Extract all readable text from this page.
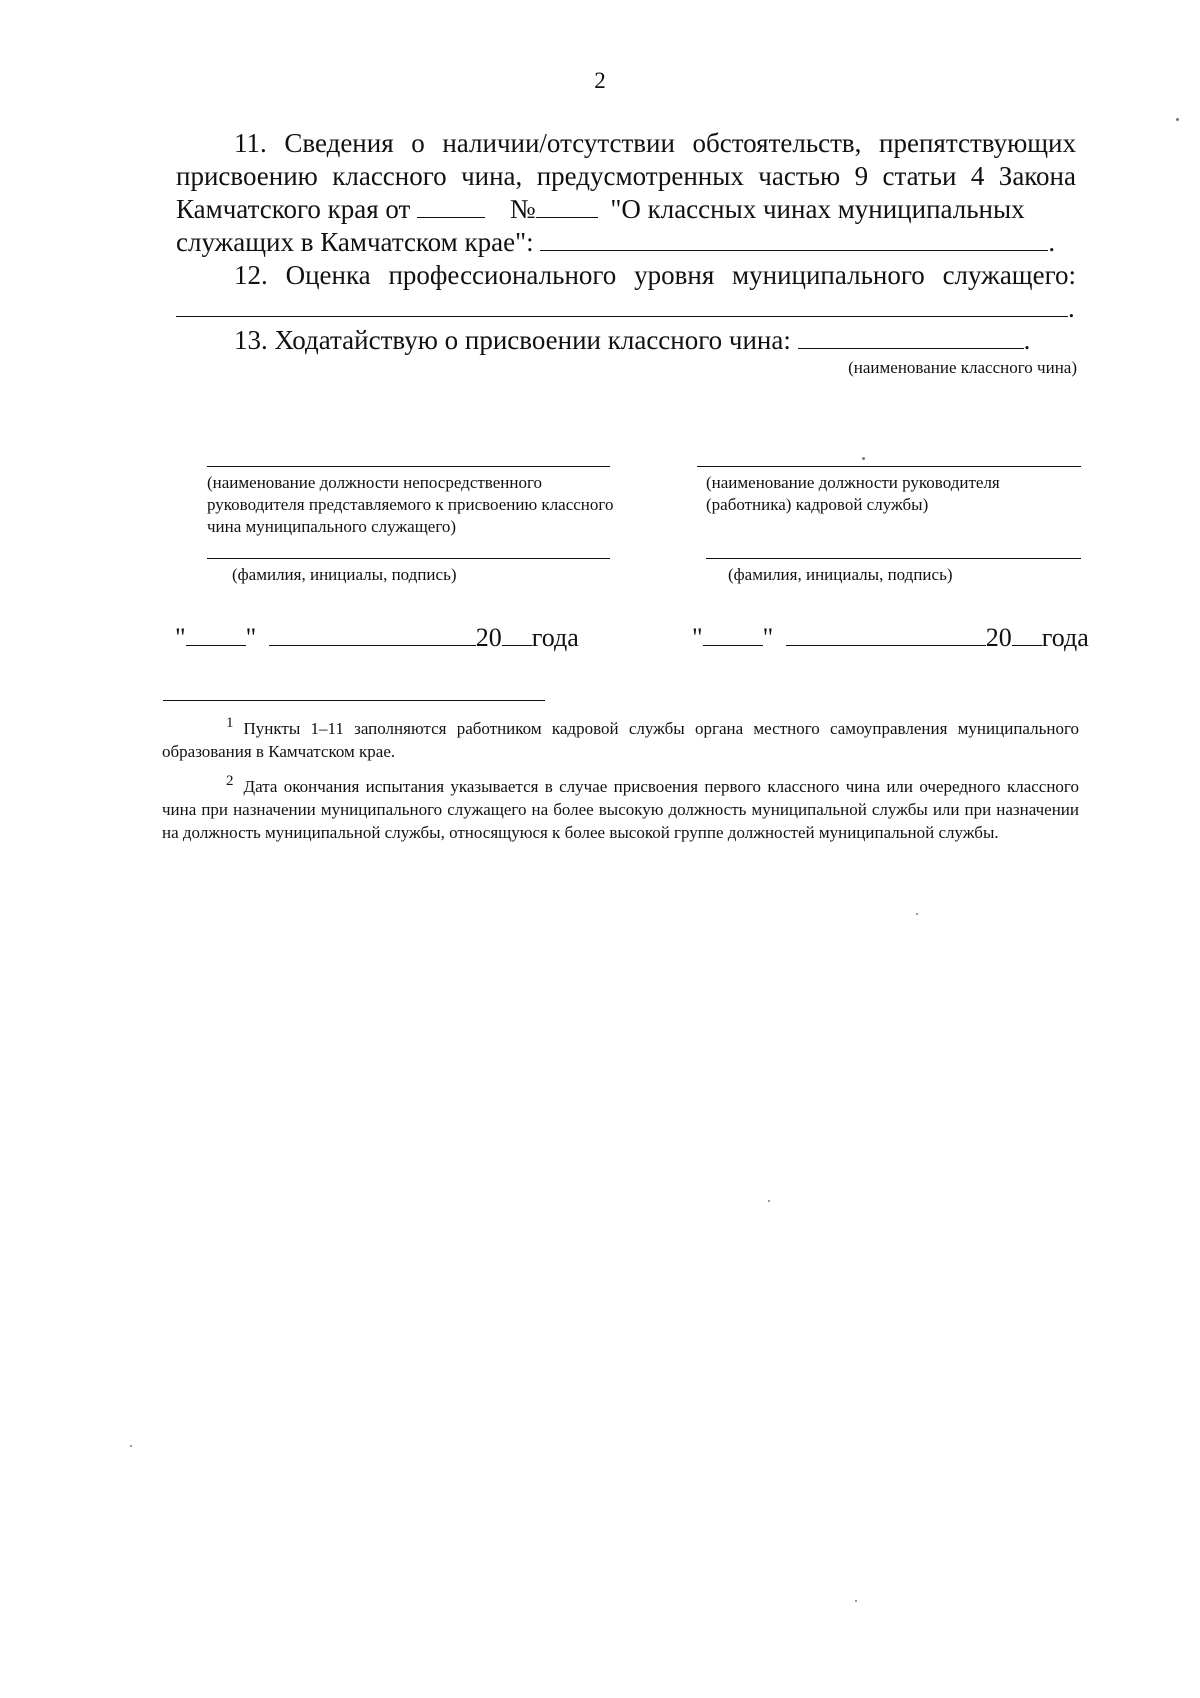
2
11. Сведения о наличии/отсутствии обстоятельств, препятствующих
присвоению классного чина, предусмотренных частью 9 статьи 4 Закона
Камчатского края от	№	"О классных чинах муниципальных
служащих в Камчатском крае":	.
12. Оценка профессионального уровня муниципального служащего:
.
13. Ходатайствую о присвоении классного чина:	.
(наименование классного чина)
(наименование должности непосредственного руководителя представляемого к присвоению классного чина муниципального служащего)
(фамилия, инициалы, подпись)
(наименование должности руководителя (работника) кадровой службы)
(фамилия, инициалы, подпись)
" "	20 года	" "	20 года
1 Пункты 1–11 заполняются работником кадровой службы органа местного самоуправления муниципального образования в Камчатском крае.
2 Дата окончания испытания указывается в случае присвоения первого классного чина или очередного классного чина при назначении муниципального служащего на более высокую должность муниципальной службы или при назначении на должность муниципальной службы, относящуюся к более высокой группе должностей муниципальной службы.
